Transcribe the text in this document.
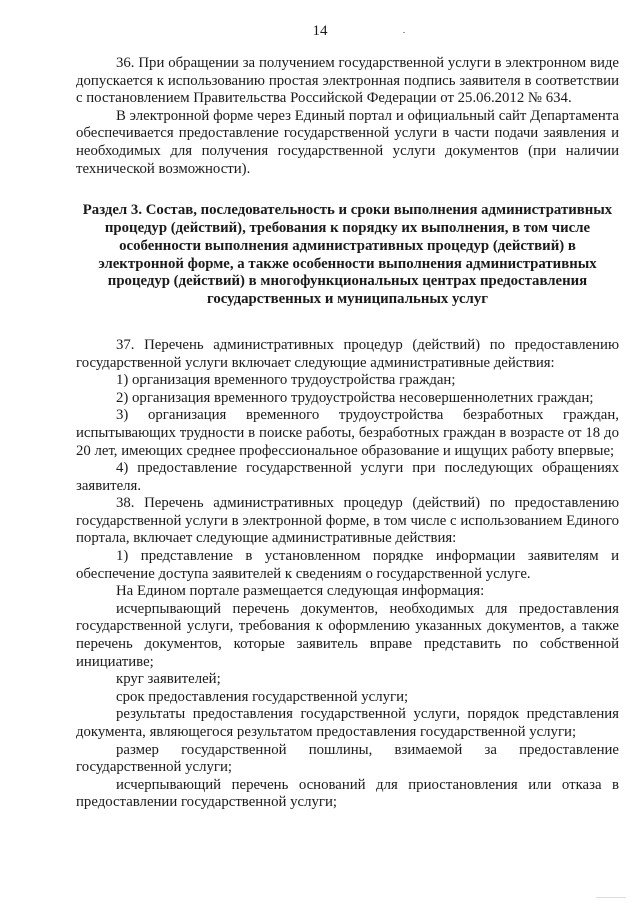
14

36. При обращении за получением государственной услуги в электронном виде допускается к использованию простая электронная подпись заявителя в соответствии с постановлением Правительства Российской Федерации от 25.06.2012 № 634.

В электронной форме через Единый портал и официальный сайт Департамента обеспечивается предоставление государственной услуги в части подачи заявления и необходимых для получения государственной услуги документов (при наличии технической возможности).

Раздел 3. Состав, последовательность и сроки выполнения административных процедур (действий), требования к порядку их выполнения, в том числе особенности выполнения административных процедур (действий) в электронной форме, а также особенности выполнения административных процедур (действий) в многофункциональных центрах предоставления государственных и муниципальных услуг

37. Перечень административных процедур (действий) по предоставлению государственной услуги включает следующие административные действия:

1) организация временного трудоустройства граждан;

2) организация временного трудоустройства несовершеннолетних граждан;

3) организация временного трудоустройства безработных граждан, испытывающих трудности в поиске работы, безработных граждан в возрасте от 18 до 20 лет, имеющих среднее профессиональное образование и ищущих работу впервые;

4) предоставление государственной услуги при последующих обращениях заявителя.

38. Перечень административных процедур (действий) по предоставлению государственной услуги в электронной форме, в том числе с использованием Единого портала, включает следующие административные действия:

1) представление в установленном порядке информации заявителям и обеспечение доступа заявителей к сведениям о государственной услуге.

На Едином портале размещается следующая информация:

исчерпывающий перечень документов, необходимых для предоставления государственной услуги, требования к оформлению указанных документов, а также перечень документов, которые заявитель вправе представить по собственной инициативе;

круг заявителей;

срок предоставления государственной услуги;

результаты предоставления государственной услуги, порядок представления документа, являющегося результатом предоставления государственной услуги;

размер государственной пошлины, взимаемой за предоставление государственной услуги;

исчерпывающий перечень оснований для приостановления или отказа в предоставлении государственной услуги;
